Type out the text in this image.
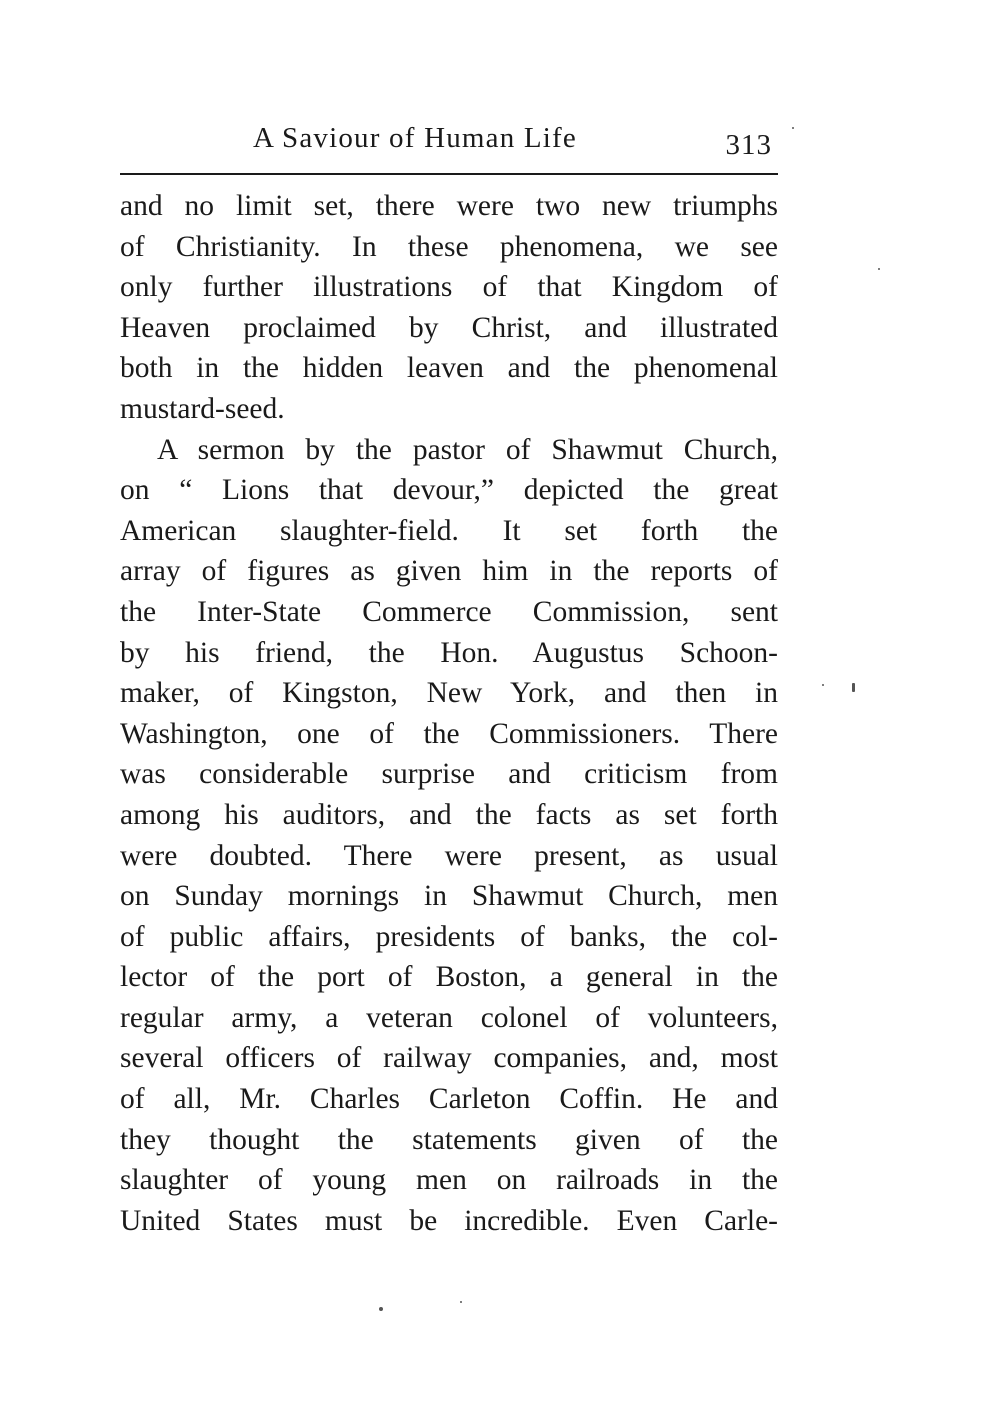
A Saviour of Human Life	313

and no limit set, there were two new triumphs
of Christianity. In these phenomena, we see
only further illustrations of that Kingdom of
Heaven proclaimed by Christ, and illustrated
both in the hidden leaven and the phenomenal
mustard-seed.

A sermon by the pastor of Shawmut Church,
on “ Lions that devour,” depicted the great
American slaughter-field. It set forth the
array of figures as given him in the reports of
the Inter-State Commerce Commission, sent
by his friend, the Hon. Augustus Schoon-
maker, of Kingston, New York, and then in
Washington, one of the Commissioners. There
was considerable surprise and criticism from
among his auditors, and the facts as set forth
were doubted. There were present, as usual
on Sunday mornings in Shawmut Church, men
of public affairs, presidents of banks, the col-
lector of the port of Boston, a general in the
regular army, a veteran colonel of volunteers,
several officers of railway companies, and, most
of all, Mr. Charles Carleton Coffin. He and
they thought the statements given of the
slaughter of young men on railroads in the
United States must be incredible. Even Carle-
